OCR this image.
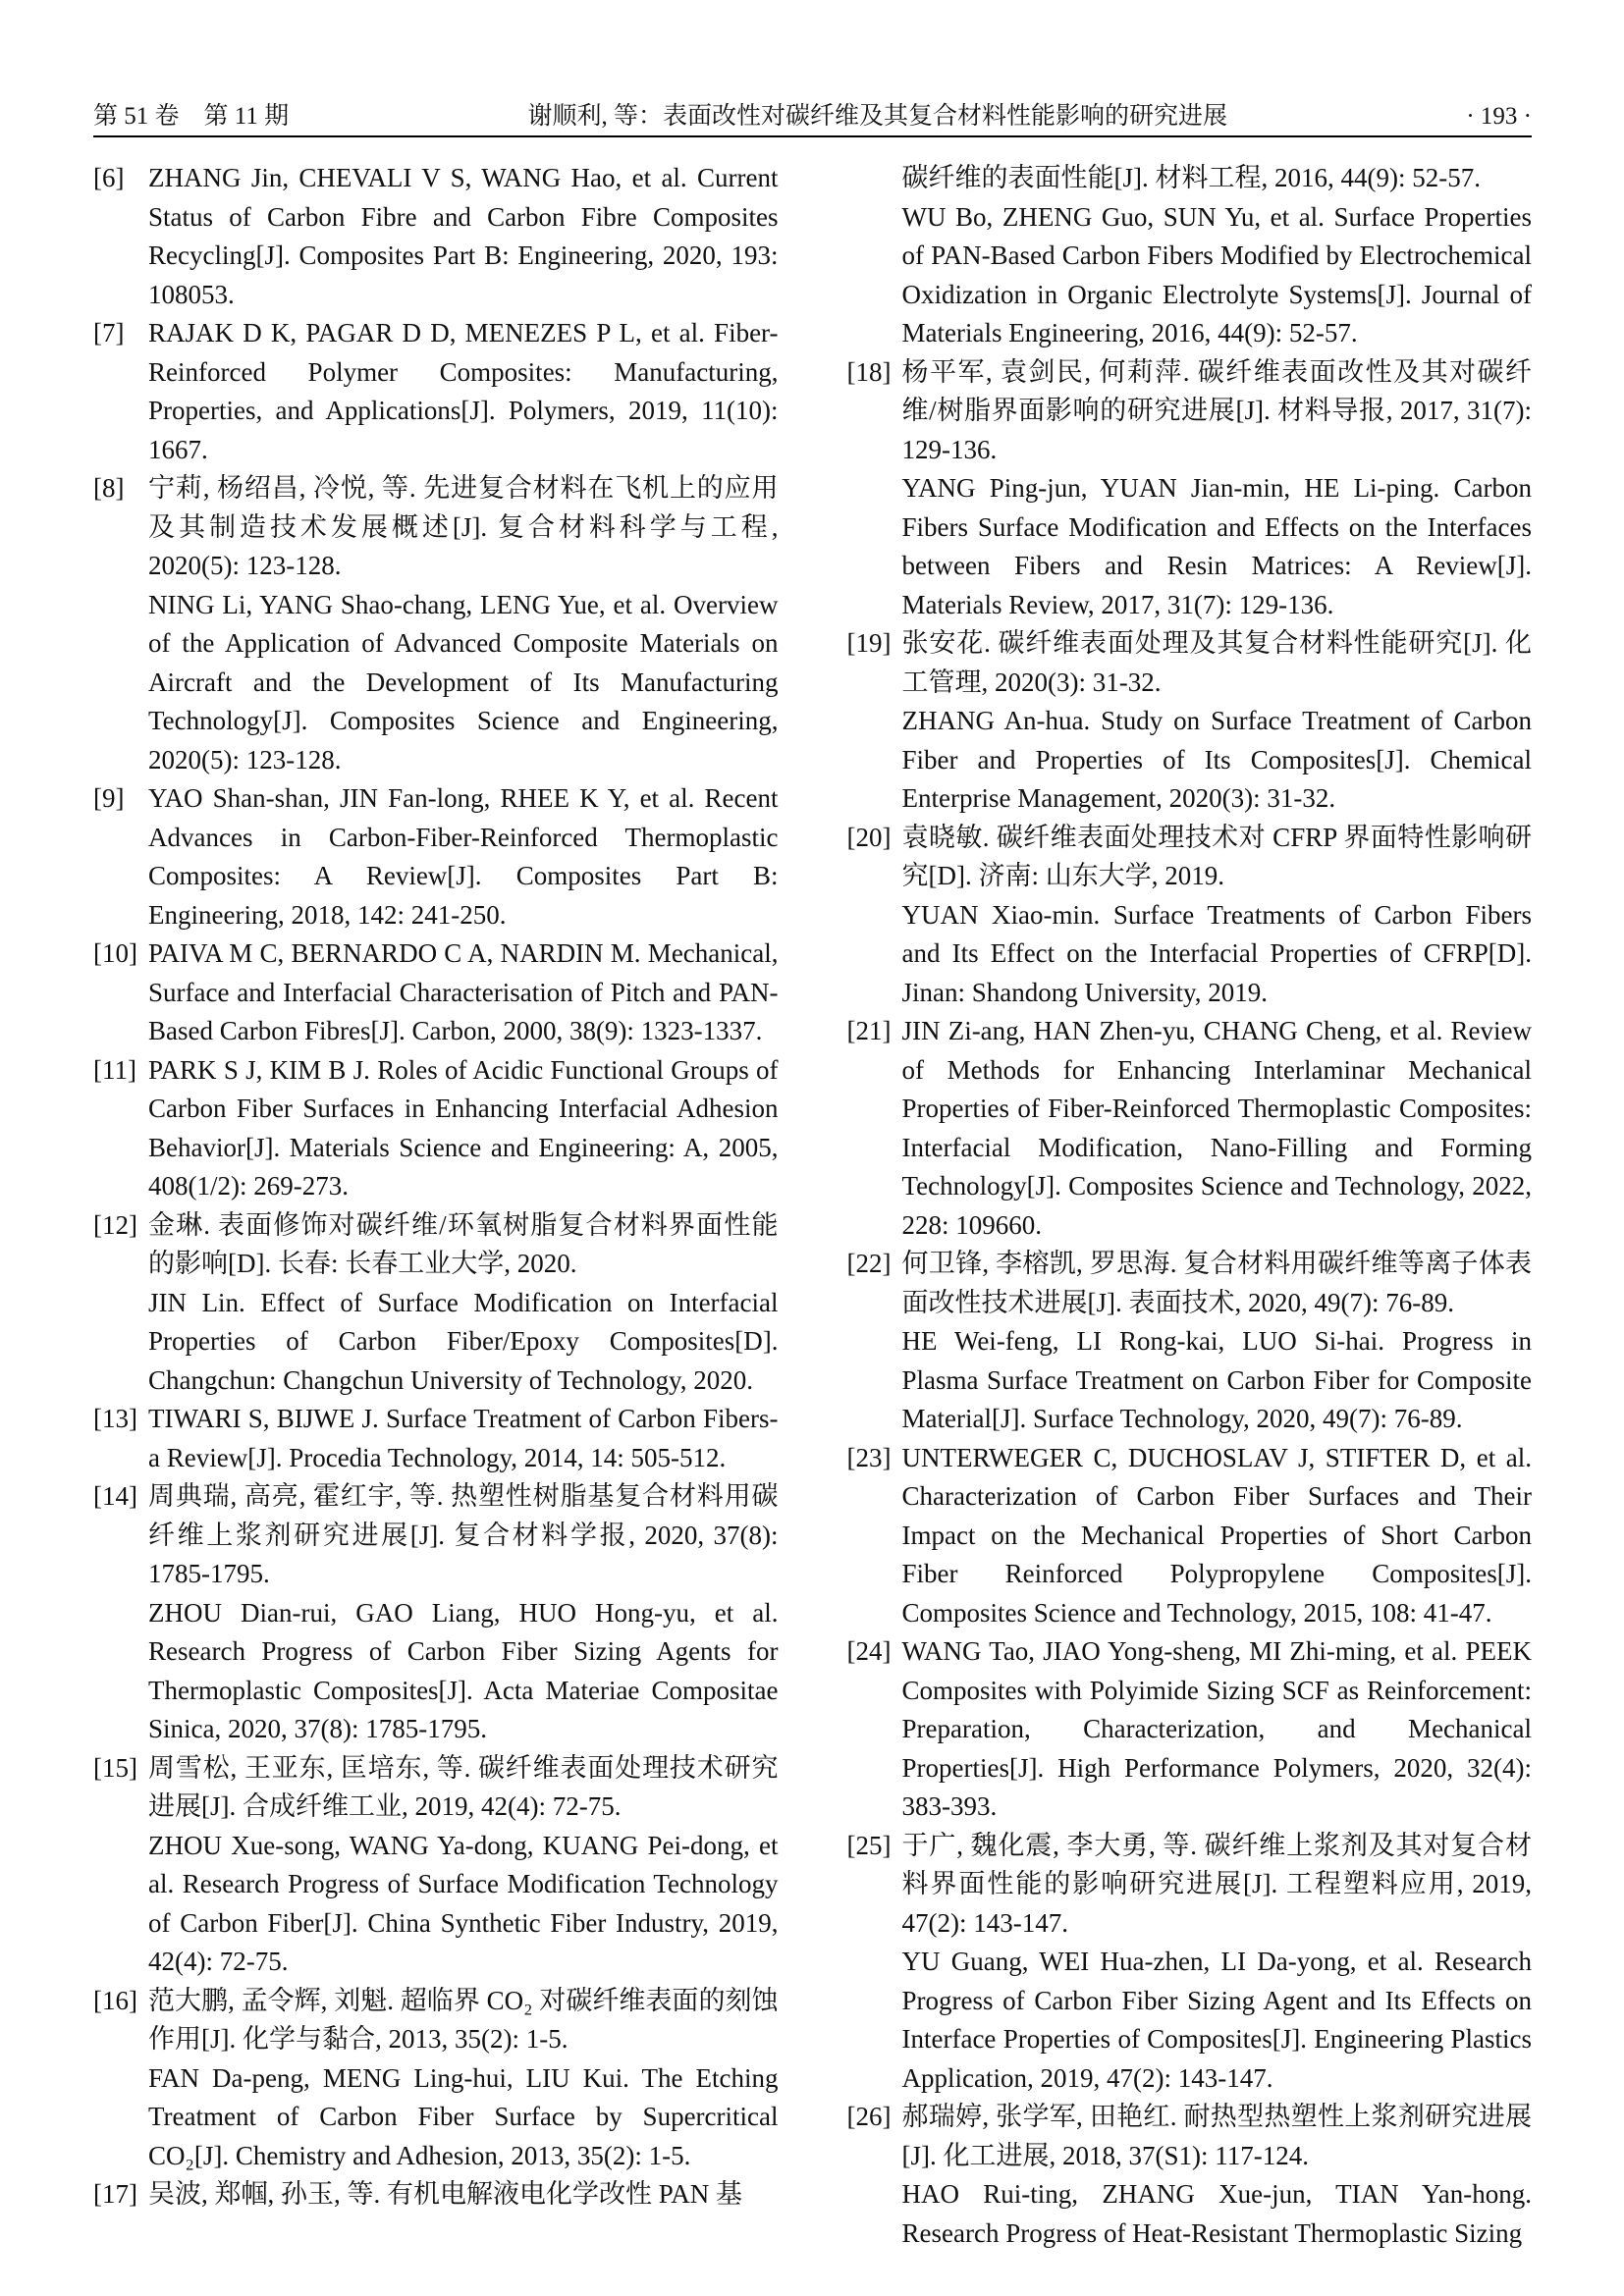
第 51 卷　第 11 期	谢顺利, 等：表面改性对碳纤维及其复合材料性能影响的研究进展	· 193 ·
[6] ZHANG Jin, CHEVALI V S, WANG Hao, et al. Current Status of Carbon Fibre and Carbon Fibre Composites Recycling[J]. Composites Part B: Engineering, 2020, 193: 108053.

[7] RAJAK D K, PAGAR D D, MENEZES P L, et al. Fiber-Reinforced Polymer Composites: Manufacturing, Properties, and Applications[J]. Polymers, 2019, 11(10): 1667.

[8] 宁莉, 杨绍昌, 冷悦, 等. 先进复合材料在飞机上的应用及其制造技术发展概述[J]. 复合材料科学与工程, 2020(5): 123-128.

NING Li, YANG Shao-chang, LENG Yue, et al. Overview of the Application of Advanced Composite Materials on Aircraft and the Development of Its Manufacturing Technology[J]. Composites Science and Engineering, 2020(5): 123-128.

[9] YAO Shan-shan, JIN Fan-long, RHEE K Y, et al. Recent Advances in Carbon-Fiber-Reinforced Thermoplastic Composites: A Review[J]. Composites Part B: Engineering, 2018, 142: 241-250.

[10] PAIVA M C, BERNARDO C A, NARDIN M. Mechanical, Surface and Interfacial Characterisation of Pitch and PAN-Based Carbon Fibres[J]. Carbon, 2000, 38(9): 1323-1337.

[11] PARK S J, KIM B J. Roles of Acidic Functional Groups of Carbon Fiber Surfaces in Enhancing Interfacial Adhesion Behavior[J]. Materials Science and Engineering: A, 2005, 408(1/2): 269-273.

[12] 金琳. 表面修饰对碳纤维/环氧树脂复合材料界面性能的影响[D]. 长春: 长春工业大学, 2020.

JIN Lin. Effect of Surface Modification on Interfacial Properties of Carbon Fiber/Epoxy Composites[D]. Changchun: Changchun University of Technology, 2020.

[13] TIWARI S, BIJWE J. Surface Treatment of Carbon Fibers-a Review[J]. Procedia Technology, 2014, 14: 505-512.

[14] 周典瑞, 高亮, 霍红宇, 等. 热塑性树脂基复合材料用碳纤维上浆剂研究进展[J]. 复合材料学报, 2020, 37(8): 1785-1795.

ZHOU Dian-rui, GAO Liang, HUO Hong-yu, et al. Research Progress of Carbon Fiber Sizing Agents for Thermoplastic Composites[J]. Acta Materiae Compositae Sinica, 2020, 37(8): 1785-1795.

[15] 周雪松, 王亚东, 匡培东, 等. 碳纤维表面处理技术研究进展[J]. 合成纤维工业, 2019, 42(4): 72-75.

ZHOU Xue-song, WANG Ya-dong, KUANG Pei-dong, et al. Research Progress of Surface Modification Technology of Carbon Fiber[J]. China Synthetic Fiber Industry, 2019, 42(4): 72-75.

[16] 范大鹏, 孟令辉, 刘魁. 超临界 CO₂ 对碳纤维表面的刻蚀作用[J]. 化学与黏合, 2013, 35(2): 1-5.

FAN Da-peng, MENG Ling-hui, LIU Kui. The Etching Treatment of Carbon Fiber Surface by Supercritical CO₂[J]. Chemistry and Adhesion, 2013, 35(2): 1-5.

[17] 吴波, 郑帼, 孙玉, 等. 有机电解液电化学改性 PAN 基

碳纤维的表面性能[J]. 材料工程, 2016, 44(9): 52-57.

WU Bo, ZHENG Guo, SUN Yu, et al. Surface Properties of PAN-Based Carbon Fibers Modified by Electrochemical Oxidization in Organic Electrolyte Systems[J]. Journal of Materials Engineering, 2016, 44(9): 52-57.

[18] 杨平军, 袁剑民, 何莉萍. 碳纤维表面改性及其对碳纤维/树脂界面影响的研究进展[J]. 材料导报, 2017, 31(7): 129-136.

YANG Ping-jun, YUAN Jian-min, HE Li-ping. Carbon Fibers Surface Modification and Effects on the Interfaces between Fibers and Resin Matrices: A Review[J]. Materials Review, 2017, 31(7): 129-136.

[19] 张安花. 碳纤维表面处理及其复合材料性能研究[J]. 化工管理, 2020(3): 31-32.

ZHANG An-hua. Study on Surface Treatment of Carbon Fiber and Properties of Its Composites[J]. Chemical Enterprise Management, 2020(3): 31-32.

[20] 袁晓敏. 碳纤维表面处理技术对 CFRP 界面特性影响研究[D]. 济南: 山东大学, 2019.

YUAN Xiao-min. Surface Treatments of Carbon Fibers and Its Effect on the Interfacial Properties of CFRP[D]. Jinan: Shandong University, 2019.

[21] JIN Zi-ang, HAN Zhen-yu, CHANG Cheng, et al. Review of Methods for Enhancing Interlaminar Mechanical Properties of Fiber-Reinforced Thermoplastic Composites: Interfacial Modification, Nano-Filling and Forming Technology[J]. Composites Science and Technology, 2022, 228: 109660.

[22] 何卫锋, 李榕凯, 罗思海. 复合材料用碳纤维等离子体表面改性技术进展[J]. 表面技术, 2020, 49(7): 76-89.

HE Wei-feng, LI Rong-kai, LUO Si-hai. Progress in Plasma Surface Treatment on Carbon Fiber for Composite Material[J]. Surface Technology, 2020, 49(7): 76-89.

[23] UNTERWEGER C, DUCHOSLAV J, STIFTER D, et al. Characterization of Carbon Fiber Surfaces and Their Impact on the Mechanical Properties of Short Carbon Fiber Reinforced Polypropylene Composites[J]. Composites Science and Technology, 2015, 108: 41-47.

[24] WANG Tao, JIAO Yong-sheng, MI Zhi-ming, et al. PEEK Composites with Polyimide Sizing SCF as Reinforcement: Preparation, Characterization, and Mechanical Properties[J]. High Performance Polymers, 2020, 32(4): 383-393.

[25] 于广, 魏化震, 李大勇, 等. 碳纤维上浆剂及其对复合材料界面性能的影响研究进展[J]. 工程塑料应用, 2019, 47(2): 143-147.

YU Guang, WEI Hua-zhen, LI Da-yong, et al. Research Progress of Carbon Fiber Sizing Agent and Its Effects on Interface Properties of Composites[J]. Engineering Plastics Application, 2019, 47(2): 143-147.

[26] 郝瑞婷, 张学军, 田艳红. 耐热型热塑性上浆剂研究进展[J]. 化工进展, 2018, 37(S1): 117-124.

HAO Rui-ting, ZHANG Xue-jun, TIAN Yan-hong. Research Progress of Heat-Resistant Thermoplastic Sizing
